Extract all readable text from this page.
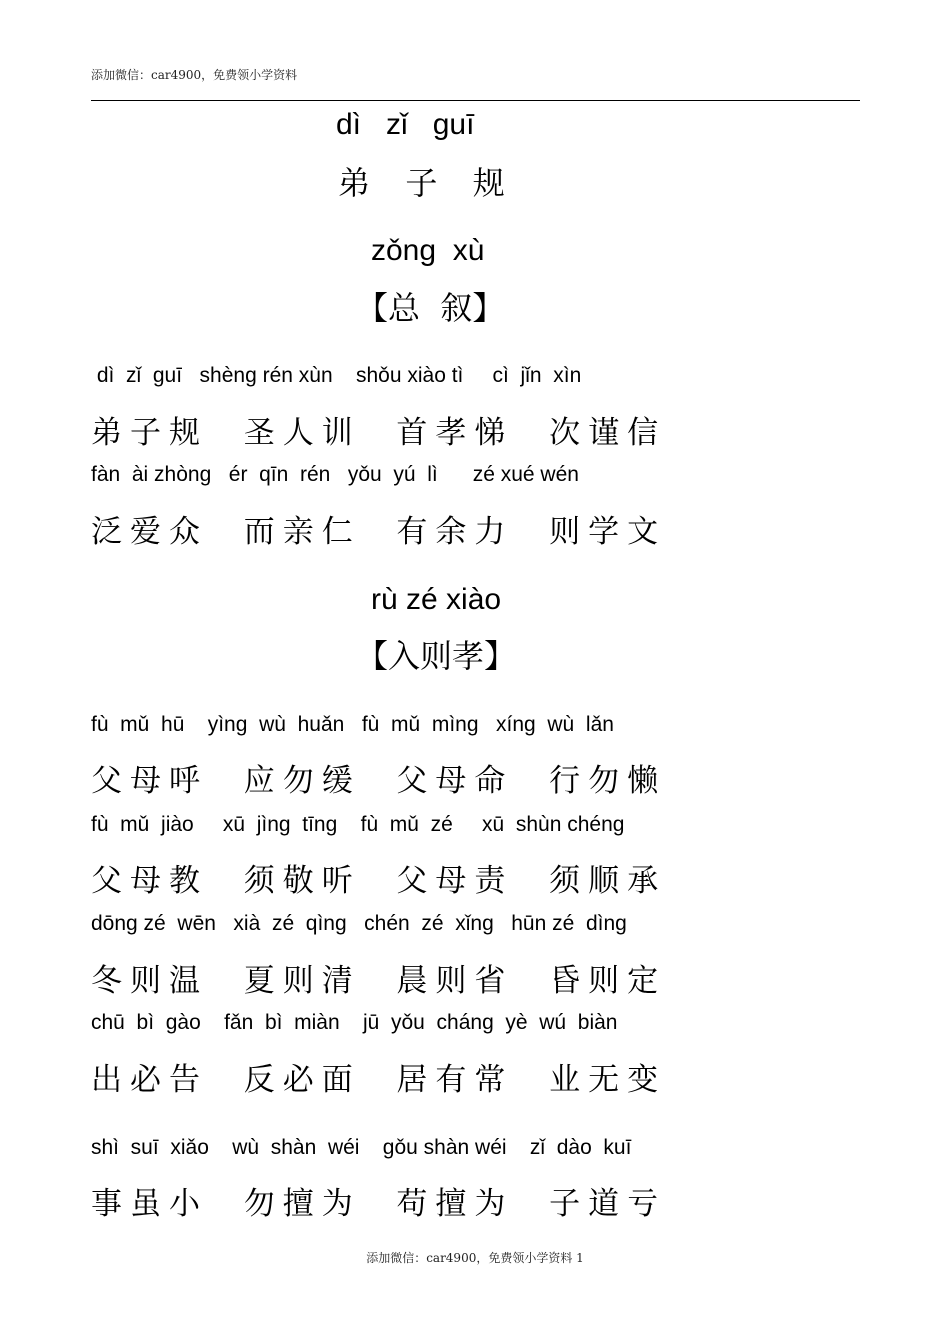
添加微信：car4900，免费领小学资料
dì   zǐ   guī
弟  子  规
zǒng  xù
【总  叙】
dì  zǐ  guī   shèng rén xùn    shǒu xiào tì     cì  jǐn  xìn
弟子规  圣人训  首孝悌  次谨信
fàn  ài zhòng   ér  qīn  rén   yǒu  yú  lì      zé xué wén
泛爱众  而亲仁  有余力  则学文
rù zé xiào
【入则孝】
fù  mǔ  hū    yìng  wù  huǎn   fù  mǔ  mìng   xíng  wù  lǎn
父母呼  应勿缓  父母命  行勿懒
fù  mǔ  jiào     xū  jìng  tīng    fù  mǔ  zé     xū  shùn chéng
父母教  须敬听  父母责  须顺承
dōng zé  wēn   xià  zé  qìng   chén  zé  xǐng   hūn zé  dìng
冬则温  夏则清  晨则省  昏则定
chū  bì  gào    fǎn  bì  miàn    jū  yǒu  cháng  yè  wú  biàn
出必告  反必面  居有常  业无变
shì  suī  xiǎo    wù  shàn  wéi    gǒu shàn wéi    zǐ  dào  kuī
事虽小  勿擅为  苟擅为  子道亏
添加微信：car4900，免费领小学资料 1
